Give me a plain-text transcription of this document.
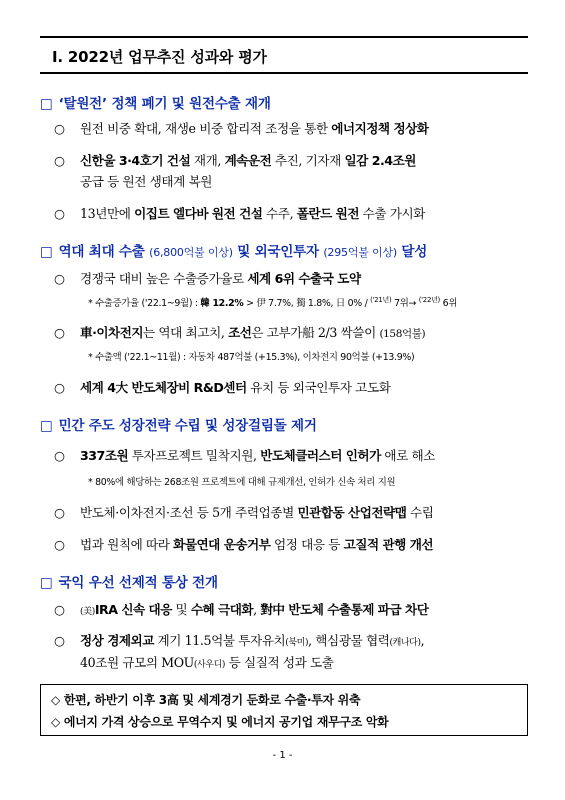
I. 2022년 업무추진 성과와 평가
□ ‘탈원전’ 정책 폐기 및 원전수출 재개
○ 원전 비중 확대, 재생e 비중 합리적 조정을 통한 에너지정책 정상화
○ 신한울 3·4호기 건설 재개, 계속운전 추진, 기자재 일감 2.4조원
공급 등 원전 생태계 복원
○ 13년만에 이집트 엘다바 원전 건설 수주, 폴란드 원전 수출 가시화
□ 역대 최대 수출 (6,800억불 이상) 및 외국인투자 (295억불 이상) 달성
○ 경쟁국 대비 높은 수출증가율로 세계 6위 수출국 도약
* 수출증가율 ('22.1~9월) : 韓 12.2% > 伊 7.7%, 獨 1.8%, 日 0% / $^{('21년)}$ 7위→ $^{('22년)}$ 6위
○ 車·이차전지는 역대 최고치, 조선은 고부가船 2/3 싹쓸이 (158억불)
* 수출액 ('22.1~11월) : 자동차 487억불 (+15.3%), 이차전지 90억불 (+13.9%)
○ 세계 4大 반도체장비 R&D센터 유치 등 외국인투자 고도화
□ 민간 주도 성장전략 수립 및 성장걸림돌 제거
○ 337조원 투자프로젝트 밀착지원, 반도체클러스터 인허가 애로 해소
* 80%에 해당하는 268조원 프로젝트에 대해 규제개선, 인허가 신속 처리 지원
○ 반도체·이차전지·조선 등 5개 주력업종별 민관합동 산업전략맵 수립
○ 법과 원칙에 따라 화물연대 운송거부 엄정 대응 등 고질적 관행 개선
□ 국익 우선 선제적 통상 전개
○ (美)IRA 신속 대응 및 수혜 극대화, 對中 반도체 수출통제 파급 차단
○ 정상 경제외교 계기 11.5억불 투자유치(북미), 핵심광물 협력(캐나다),
40조원 규모의 MOU(사우디) 등 실질적 성과 도출
◇ 한편, 하반기 이후 3高 및 세계경기 둔화로 수출·투자 위축
◇ 에너지 가격 상승으로 무역수지 및 에너지 공기업 재무구조 악화
- 1 -
